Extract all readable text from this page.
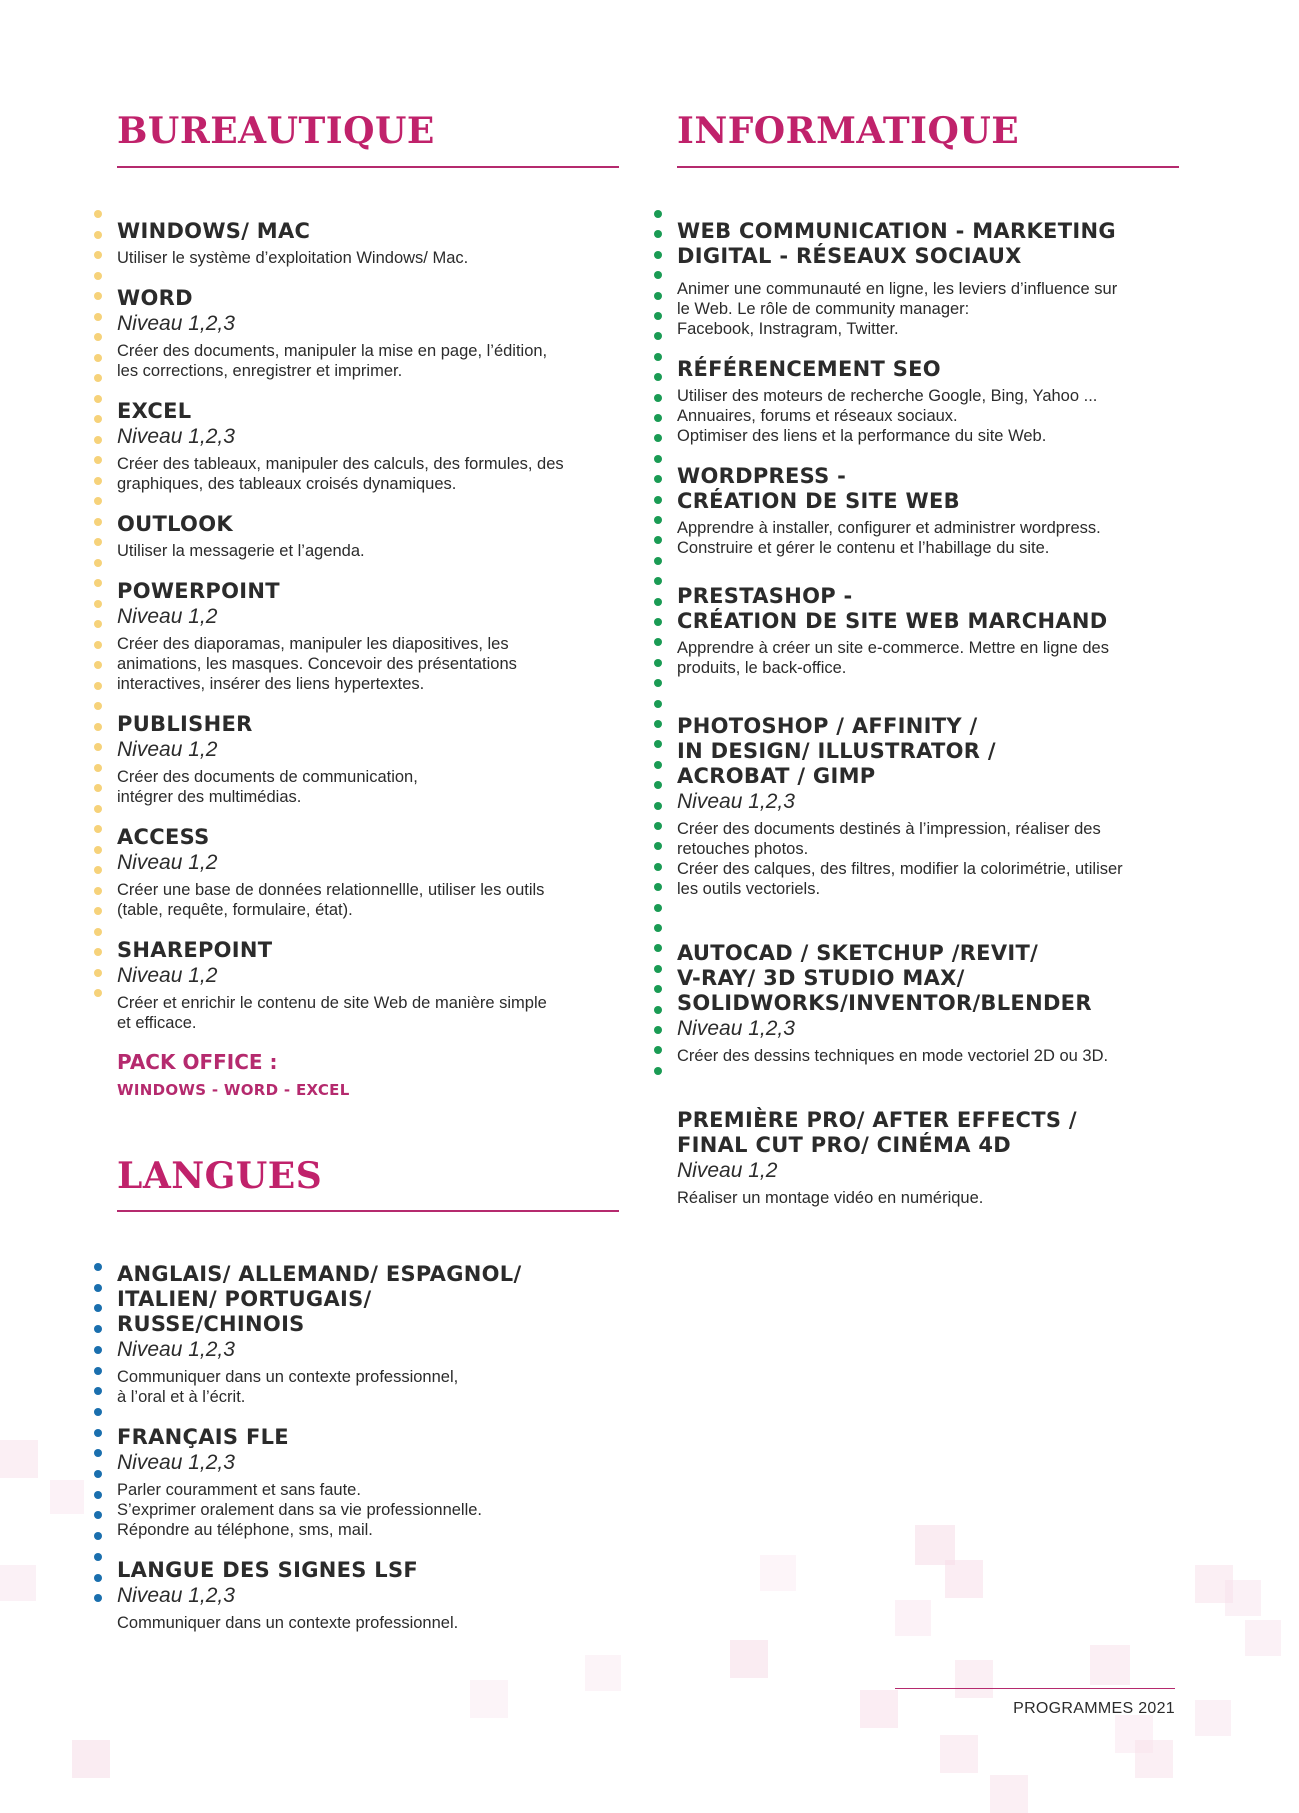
BUREAUTIQUE
WINDOWS/ MAC
Utiliser le système d’exploitation Windows/ Mac.
WORD
Niveau 1,2,3
Créer des documents, manipuler la mise en page, l’édition,
les corrections, enregistrer et imprimer.
EXCEL
Niveau 1,2,3
Créer des tableaux, manipuler des calculs, des formules, des
graphiques, des tableaux croisés dynamiques.
OUTLOOK
Utiliser la messagerie et l’agenda.
POWERPOINT
Niveau 1,2
Créer des diaporamas, manipuler les diapositives, les
animations, les masques. Concevoir des présentations
interactives, insérer des liens hypertextes.
PUBLISHER
Niveau 1,2
Créer des documents de communication,
intégrer des multimédias.
ACCESS
Niveau 1,2
Créer une base de données relationnellle, utiliser les outils
(table, requête, formulaire, état).
SHAREPOINT
Niveau 1,2
Créer et enrichir le contenu de site Web de manière simple
et efficace.
PACK OFFICE :
WINDOWS - WORD - EXCEL
LANGUES
ANGLAIS/ ALLEMAND/ ESPAGNOL/
ITALIEN/ PORTUGAIS/
RUSSE/CHINOIS
Niveau 1,2,3
Communiquer dans un contexte professionnel,
à l’oral et à l’écrit.
FRANÇAIS FLE
Niveau 1,2,3
Parler couramment et sans faute.
S’exprimer oralement dans sa vie professionnelle.
Répondre au téléphone, sms, mail.
LANGUE DES SIGNES LSF
Niveau 1,2,3
Communiquer dans un contexte professionnel.
INFORMATIQUE
WEB COMMUNICATION - MARKETING
DIGITAL - RÉSEAUX SOCIAUX
Animer une communauté en ligne, les leviers d’influence sur
le Web. Le rôle de community manager:
Facebook, Instragram, Twitter.
RÉFÉRENCEMENT SEO
Utiliser des moteurs de recherche Google, Bing, Yahoo ...
Annuaires, forums et réseaux sociaux.
Optimiser des liens et la performance du site Web.
WORDPRESS -
CRÉATION DE SITE WEB
Apprendre à installer, configurer et administrer wordpress.
Construire et gérer le contenu et l’habillage du site.
PRESTASHOP -
CRÉATION DE SITE WEB MARCHAND
Apprendre à créer un site e-commerce. Mettre en ligne des
produits, le back-office.
PHOTOSHOP / AFFINITY /
IN DESIGN/ ILLUSTRATOR /
ACROBAT / GIMP
Niveau 1,2,3
Créer des documents destinés à l’impression, réaliser des
retouches photos.
Créer des calques, des filtres, modifier la colorimétrie, utiliser
les outils vectoriels.
AUTOCAD / SKETCHUP /REVIT/
V-RAY/ 3D STUDIO MAX/
SOLIDWORKS/INVENTOR/BLENDER
Niveau 1,2,3
Créer des dessins techniques en mode vectoriel 2D ou 3D.
PREMIÈRE PRO/ AFTER EFFECTS /
FINAL CUT PRO/ CINÉMA 4D
Niveau 1,2
Réaliser un montage vidéo en numérique.
PROGRAMMES 2021
